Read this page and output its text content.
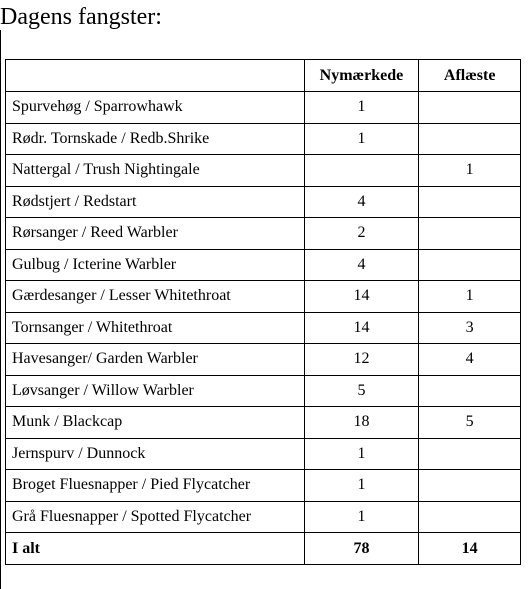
Dagens fangster:
	Nymærkede	Aflæste
Spurvehøg / Sparrowhawk	1	
Rødr. Tornskade / Redb.Shrike	1	
Nattergal / Trush Nightingale		1
Rødstjert / Redstart	4	
Rørsanger / Reed Warbler	2	
Gulbug / Icterine Warbler	4	
Gærdesanger / Lesser Whitethroat	14	1
Tornsanger / Whitethroat	14	3
Havesanger/ Garden Warbler	12	4
Løvsanger / Willow Warbler	5	
Munk / Blackcap	18	5
Jernspurv / Dunnock	1	
Broget Fluesnapper / Pied Flycatcher	1	
Grå Fluesnapper / Spotted Flycatcher	1	
I alt	78	14
